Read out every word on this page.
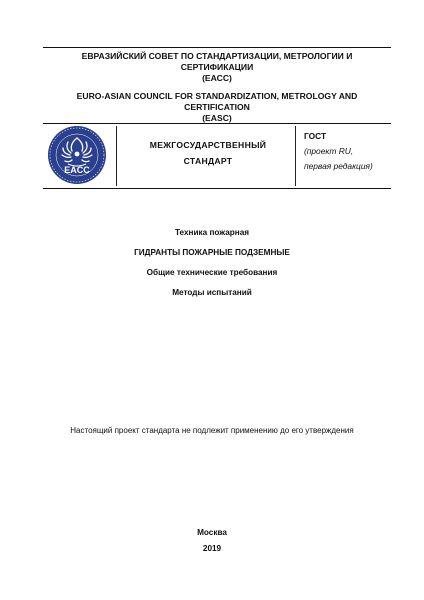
ЕВРАЗИЙСКИЙ СОВЕТ ПО СТАНДАРТИЗАЦИИ, МЕТРОЛОГИИ И
СЕРТИФИКАЦИИ
(ЕАСС)
EURO-ASIAN COUNCIL FOR STANDARDIZATION, METROLOGY AND
CERTIFICATION
(EASC)
EACC
МЕЖГОСУДАРСТВЕННЫЙ
СТАНДАРТ
ГОСТ
(проект RU,
первая редакция)
Техника пожарная
ГИДРАНТЫ ПОЖАРНЫЕ ПОДЗЕМНЫЕ
Общие технические требования
Методы испытаний
Настоящий проект стандарта не подлежит применению до его утверждения
Москва
2019
